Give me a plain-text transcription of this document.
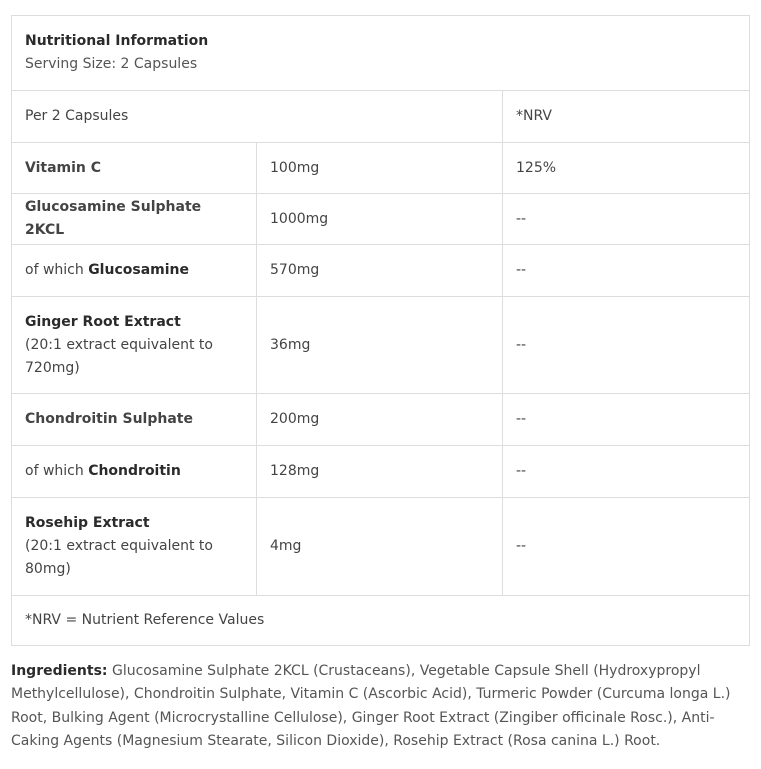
Nutritional Information
Serving Size: 2 Capsules		

Per 2 Capsules		*NRV
Vitamin C	100mg	125%
Glucosamine Sulphate 2KCL	1000mg	--
of which Glucosamine	570mg	--

Ginger Root Extract
(20:1 extract equivalent to 720mg)	36mg	--
Chondroitin Sulphate	200mg	--
of which Chondroitin	128mg	--

Rosehip Extract
(20:1 extract equivalent to 80mg)	4mg	--
*NRV = Nutrient Reference Values		
Ingredients: Glucosamine Sulphate 2KCL (Crustaceans), Vegetable Capsule Shell (Hydroxypropyl Methylcellulose), Chondroitin Sulphate, Vitamin C (Ascorbic Acid), Turmeric Powder (Curcuma longa L.) Root, Bulking Agent (Microcrystalline Cellulose), Ginger Root Extract (Zingiber officinale Rosc.), Anti-Caking Agents (Magnesium Stearate, Silicon Dioxide), Rosehip Extract (Rosa canina L.) Root.
